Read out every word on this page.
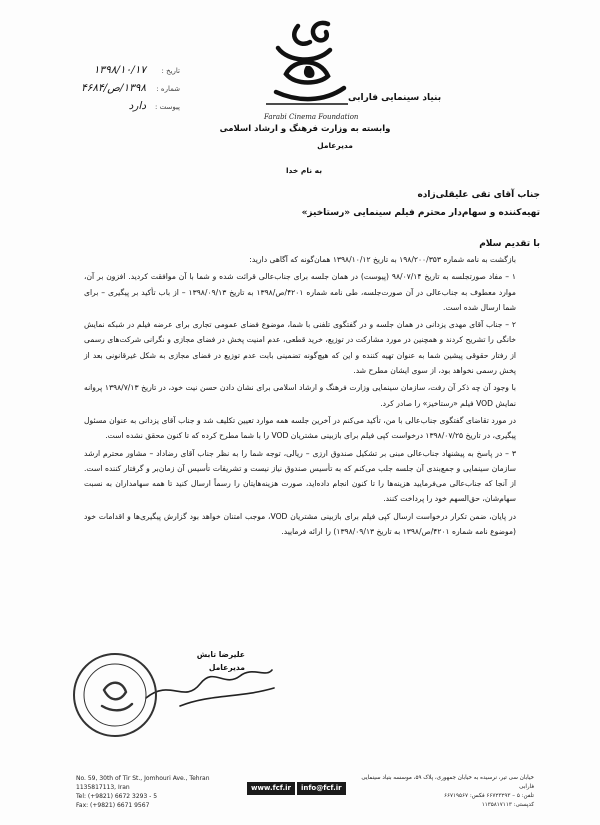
بنیاد سینمایی فارابی
Farabi Cinema Foundation
وابسته به وزارت فرهنگ و ارشاد اسلامی
مدیرعامل
به نام خدا
تاریخ :
۱۳۹۸/۱۰/۱۷
شماره :
۱۳۹۸/ص/۴۶۸۴
پیوست :
دارد
جناب آقای تقی علیقلی‌زاده
تهیه‌کننده و سهام‌دار محترم فیلم سینمایی «رستاخیز»
با تقدیم سلام

بازگشت به نامه شماره ۱۹۸/۲۰۰/۳۵۳ به تاریخ ۱۳۹۸/۱۰/۱۲ همان‌گونه که آگاهی دارید:

۱ – مفاد صورتجلسه به تاریخ ۹۸/۰۷/۱۴ (پیوست) در همان جلسه برای جناب‌عالی قرائت شده و شما با آن موافقت کردید. افزون بر آن، موارد معطوف به جناب‌عالی در آن صورت‌جلسه، طی نامه شماره ۴۲۰۱/ص/۱۳۹۸ به تاریخ ۱۳۹۸/۰۹/۱۳ – از باب تأکید بر پیگیری – برای شما ارسال شده است.

۲ – جناب آقای مهدی یزدانی در همان جلسه و در گفتگوی تلفنی با شما، موضوع فضای عمومی تجاری برای عرضه فیلم در شبکه نمایش خانگی را تشریح کردند و همچنین در مورد مشارکت در توزیع، خرید قطعی، عدم امنیت پخش در فضای مجازی و نگرانی شرکت‌های رسمی از رفتار حقوقی پیشین شما به عنوان تهیه کننده و این که هیچ‌گونه تضمینی بابت عدم توزیع در فضای مجازی به شکل غیرقانونی بعد از پخش رسمی نخواهد بود، از سوی ایشان مطرح شد.

با وجود آن چه ذکر آن رفت، سازمان سینمایی وزارت فرهنگ و ارشاد اسلامی برای نشان دادن حسن نیت خود، در تاریخ ۱۳۹۸/۷/۱۳ پروانه نمایش VOD فیلم «رستاخیز» را صادر کرد.

در مورد تقاضای گفتگوی جناب‌عالی با من، تأکید می‌کنم در آخرین جلسه همه موارد تعیین تکلیف شد و جناب آقای یزدانی به عنوان مسئول پیگیری، در تاریخ ۱۳۹۸/۰۷/۲۵ درخواست کپی فیلم برای بازبینی مشتریان VOD را با شما مطرح کرده که تا کنون محقق نشده است.

۳ – در پاسخ به پیشنهاد جناب‌عالی مبنی بر تشکیل صندوق ارزی – ریالی، توجه شما را به نظر جناب آقای رضاداد – مشاور محترم ارشد سازمان سینمایی و جمع‌بندی آن جلسه جلب می‌کنم که به تأسیس صندوق نیاز نیست و تشریفات تأسیس آن زمان‌بر و گرفتار کننده است. از آنجا که جناب‌عالی می‌فرمایید هزینه‌ها را تا کنون انجام داده‌اید، صورت هزینه‌هایتان را رسماً ارسال کنید تا همه سهامداران به نسبت سهام‌شان، حق‌السهم خود را پرداخت کنند.

در پایان، ضمن تکرار درخواست ارسال کپی فیلم برای بازبینی مشتریان VOD، موجب امتنان خواهد بود گزارش پیگیری‌ها و اقدامات خود (موضوع نامه شماره ۴۲۰۱/ص/۱۳۹۸ به تاریخ ۱۳۹۸/۰۹/۱۳) را ارائه فرمایید.

علیرضا تابش
مدیرعامل
No. 59, 30th of Tir St., Jomhouri Ave., Tehran 1135817113, Iran
Tel: (+9821) 6672 3293 - 5
Fax: (+9821) 6671 9567
www.fcf.ir	info@fcf.ir
خیابان سی تیر، نرسیده به خیابان جمهوری، پلاک ۵۹، موسسه بنیاد سینمایی فارابی
تلفن: ۵ – ۶۶۷۲۳۲۹۳ فکس: ۶۶۷۱۹۵۶۷
کدپستی: ۱۱۳۵۸۱۷۱۱۳
